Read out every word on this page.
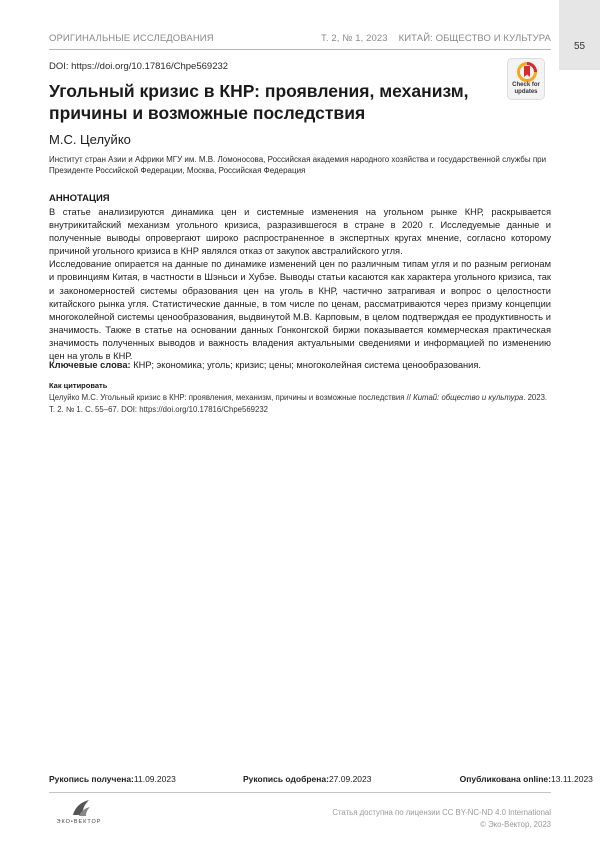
ОРИГИНАЛЬНЫЕ ИССЛЕДОВАНИЯ	Т. 2, № 1, 2023 КИТАЙ: ОБЩЕСТВО И КУЛЬТУРА
55
DOI: https://doi.org/10.17816/Chpe569232
Check for
updates
Угольный кризис в КНР: проявления, механизм, причины и возможные последствия
М.С. Целуйко
Институт стран Азии и Африки МГУ им. М.В. Ломоносова, Российская академия народного хозяйства и государственной службы при Президенте Российской Федерации, Москва, Российская Федерация
АННОТАЦИЯ

В статье анализируются динамика цен и системные изменения на угольном рынке КНР, раскрывается внутрикитайский механизм угольного кризиса, разразившегося в стране в 2020 г. Исследуемые данные и полученные выводы опровергают широко распространенное в экспертных кругах мнение, согласно которому причиной угольного кризиса в КНР являлся отказ от закупок австралийского угля.

Исследование опирается на данные по динамике изменений цен по различным типам угля и по разным регионам и провинциям Китая, в частности в Шэньси и Хубэе. Выводы статьи касаются как характера угольного кризиса, так и закономерностей системы образования цен на уголь в КНР, частично затрагивая и вопрос о целостности китайского рынка угля. Статистические данные, в том числе по ценам, рассматриваются через призму концепции многоколейной системы ценообразования, выдвинутой М.В. Карповым, в целом подтверждая ее продуктивность и значимость. Также в статье на основании данных Гонконгской биржи показывается коммерческая практическая значимость полученных выводов и важность владения актуальными сведениями и информацией по изменению цен на уголь в КНР.

Ключевые слова: КНР; экономика; уголь; кризис; цены; многоколейная система ценообразования.
Как цитировать
Целуйко М.С. Угольный кризис в КНР: проявления, механизм, причины и возможные последствия // Китай: общество и культура. 2023. Т. 2. № 1. С. 55–67. DOI: https://doi.org/10.17816/Chpe569232
Рукопись получена: 11.09.2023	Рукопись одобрена: 27.09.2023	Опубликована online: 13.11.2023
ЭКО•ВЕКТОР
Статья доступна по лицензии CC BY-NC-ND 4.0 International
© Эко-Вектор, 2023
